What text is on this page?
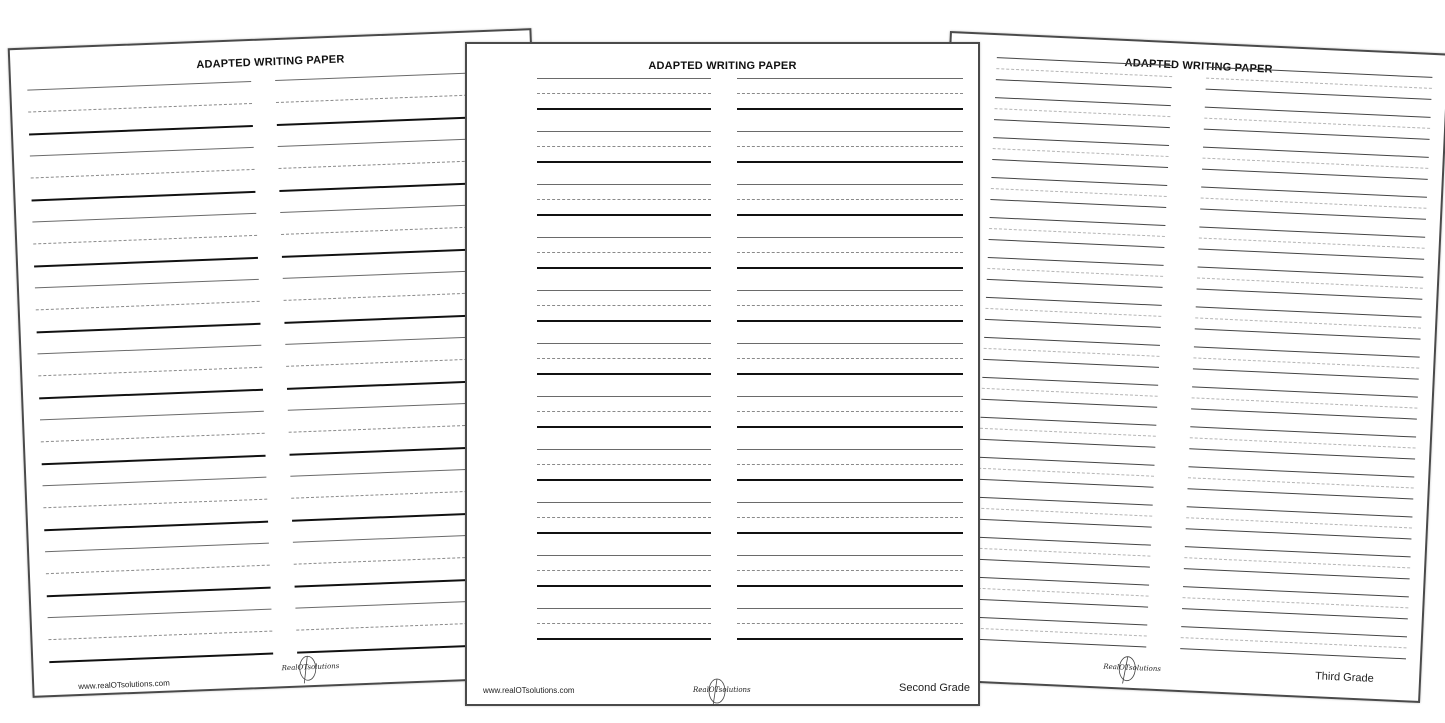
ADAPTED WRITING PAPER
www.realOTsolutions.com
RealOTsolutions
ADAPTED WRITING PAPER
www.realOTsolutions.com	RealOTsolutions	Second Grade
ADAPTED WRITING PAPER
RealOTsolutions
Third Grade
